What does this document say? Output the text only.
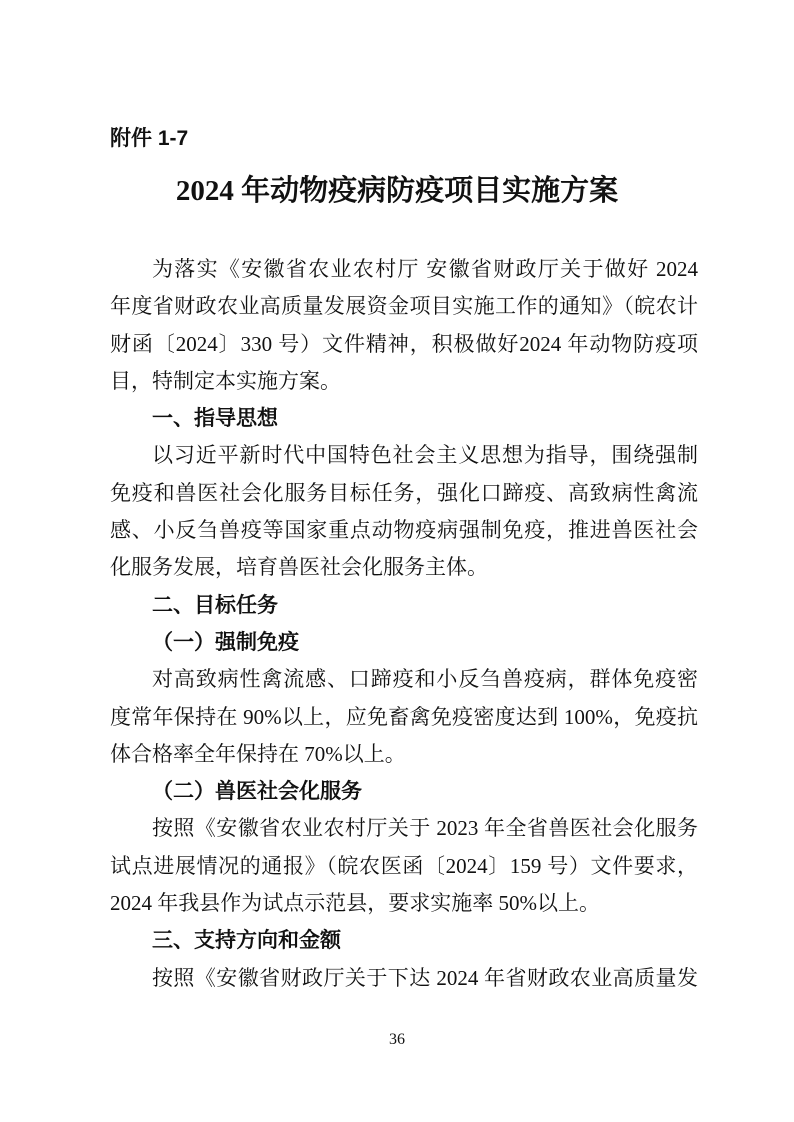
附件 1-7
2024 年动物疫病防疫项目实施方案
为落实《安徽省农业农村厅 安徽省财政厅关于做好 2024
年度省财政农业高质量发展资金项目实施工作的通知》（皖农计
财函〔2024〕330 号）文件精神，积极做好2024 年动物防疫项
目，特制定本实施方案。
一、指导思想
以习近平新时代中国特色社会主义思想为指导，围绕强制
免疫和兽医社会化服务目标任务，强化口蹄疫、高致病性禽流
感、小反刍兽疫等国家重点动物疫病强制免疫，推进兽医社会
化服务发展，培育兽医社会化服务主体。
二、目标任务
（一）强制免疫
对高致病性禽流感、口蹄疫和小反刍兽疫病，群体免疫密
度常年保持在 90%以上，应免畜禽免疫密度达到 100%，免疫抗
体合格率全年保持在 70%以上。
（二）兽医社会化服务
按照《安徽省农业农村厅关于 2023 年全省兽医社会化服务
试点进展情况的通报》（皖农医函〔2024〕159 号）文件要求，
2024 年我县作为试点示范县，要求实施率 50%以上。
三、支持方向和金额
按照《安徽省财政厅关于下达 2024 年省财政农业高质量发
36
